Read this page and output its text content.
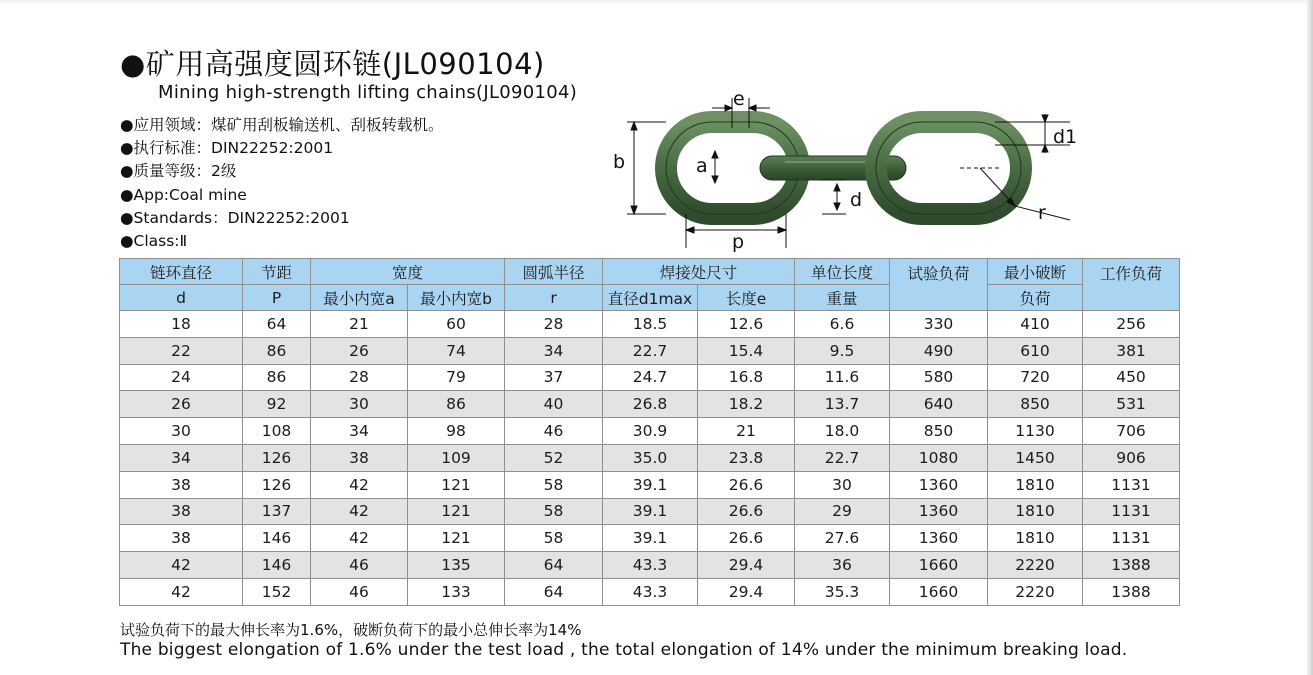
●矿用高强度圆环链(JL090104)
Mining high-strength lifting chains(JL090104)
●应用领域：煤矿用刮板输送机、刮板转载机。
●执行标准：DIN22252:2001
●质量等级：2级
●App:Coal mine
●Standards：DIN22252:2001
●Class:Ⅱ
e
b	a
d1
d
r
p
链环直径	节距	宽度		圆弧半径	焊接处尺寸		单位长度	试验负荷	最小破断	工作负荷
d	P	最小内宽a	最小内宽b	r	直径d1max	长度e	重量		负荷	
18	64	21	60	28	18.5	12.6	6.6	330	410	256
22	86	26	74	34	22.7	15.4	9.5	490	610	381
24	86	28	79	37	24.7	16.8	11.6	580	720	450
26	92	30	86	40	26.8	18.2	13.7	640	850	531
30	108	34	98	46	30.9	21	18.0	850	1130	706
34	126	38	109	52	35.0	23.8	22.7	1080	1450	906
38	126	42	121	58	39.1	26.6	30	1360	1810	1131
38	137	42	121	58	39.1	26.6	29	1360	1810	1131
38	146	42	121	58	39.1	26.6	27.6	1360	1810	1131
42	146	46	135	64	43.3	29.4	36	1660	2220	1388
42	152	46	133	64	43.3	29.4	35.3	1660	2220	1388
试验负荷下的最大伸长率为1.6%，破断负荷下的最小总伸长率为14%
The biggest elongation of 1.6% under the test load , the total elongation of 14% under the minimum breaking load.
